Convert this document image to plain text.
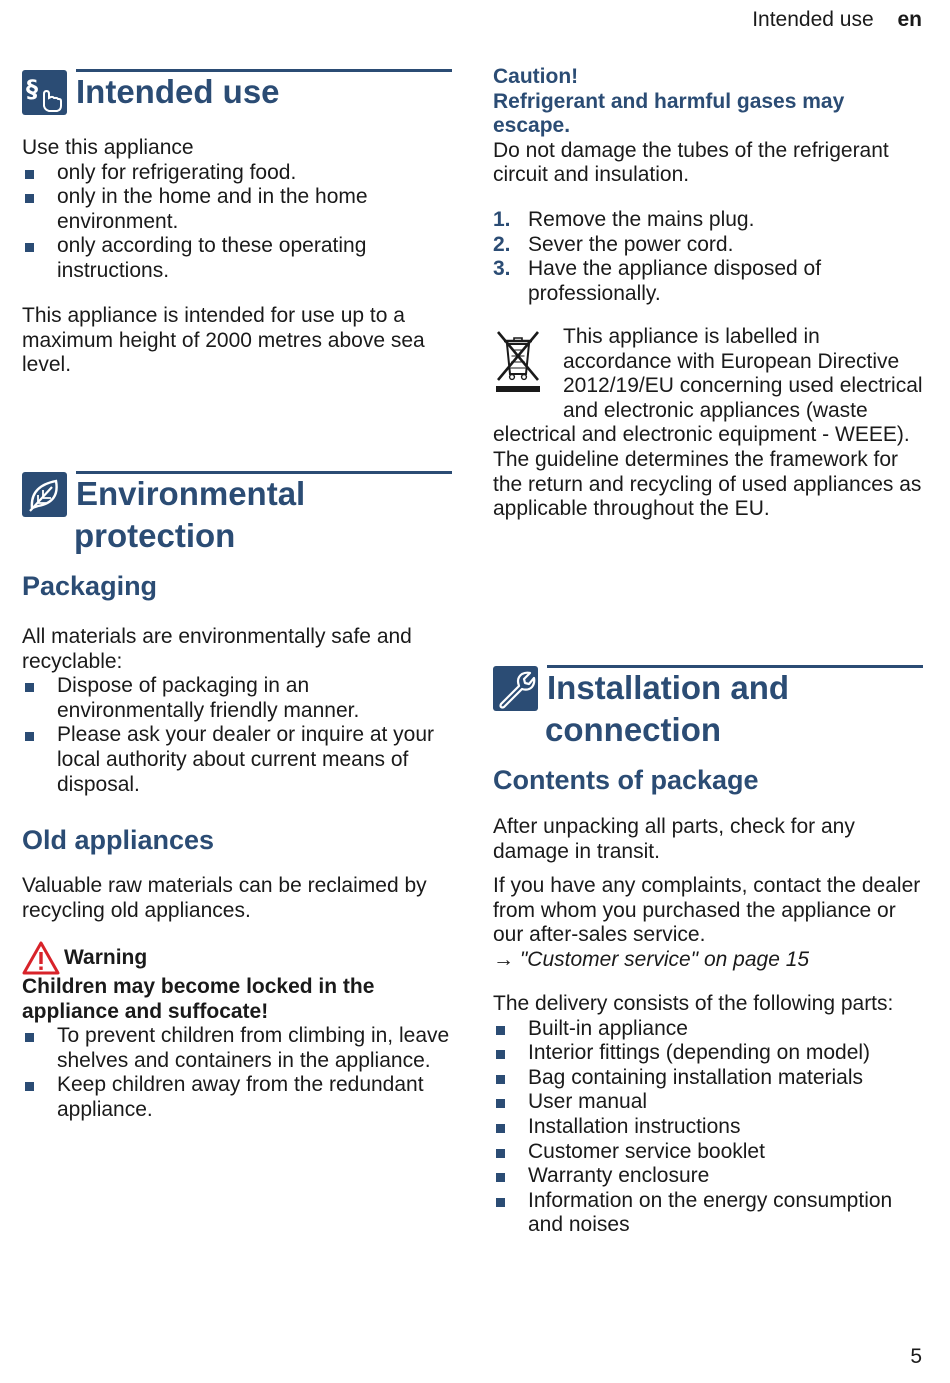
Intended use en
§ Intended use
Use this appliance
only for refrigerating food.
only in the home and in the home environment.
only according to these operating instructions.
This appliance is intended for use up to a maximum height of 2000 metres above sea level.
Environmental
protection
Packaging
All materials are environmentally safe and recyclable:
Dispose of packaging in an environmentally friendly manner.
Please ask your dealer or inquire at your local authority about current means of disposal.
Old appliances
Valuable raw materials can be reclaimed by recycling old appliances.
Warning
Children may become locked in the appliance and suffocate!
To prevent children from climbing in, leave shelves and containers in the appliance.
Keep children away from the redundant appliance.
Caution!
Refrigerant and harmful gases may escape.
Do not damage the tubes of the refrigerant circuit and insulation.
1. Remove the mains plug.
2. Sever the power cord.
3. Have the appliance disposed of professionally.
This appliance is labelled in accordance with European Directive 2012/19/EU concerning used electrical and electronic appliances (waste electrical and electronic equipment - WEEE). The guideline determines the framework for the return and recycling of used appliances as applicable throughout the EU.
Installation and
connection
Contents of package
After unpacking all parts, check for any damage in transit.
If you have any complaints, contact the dealer from whom you purchased the appliance or our after-sales service.
→ "Customer service" on page 15
The delivery consists of the following parts:
Built-in appliance
Interior fittings (depending on model)
Bag containing installation materials
User manual
Installation instructions
Customer service booklet
Warranty enclosure
Information on the energy consumption and noises
5
